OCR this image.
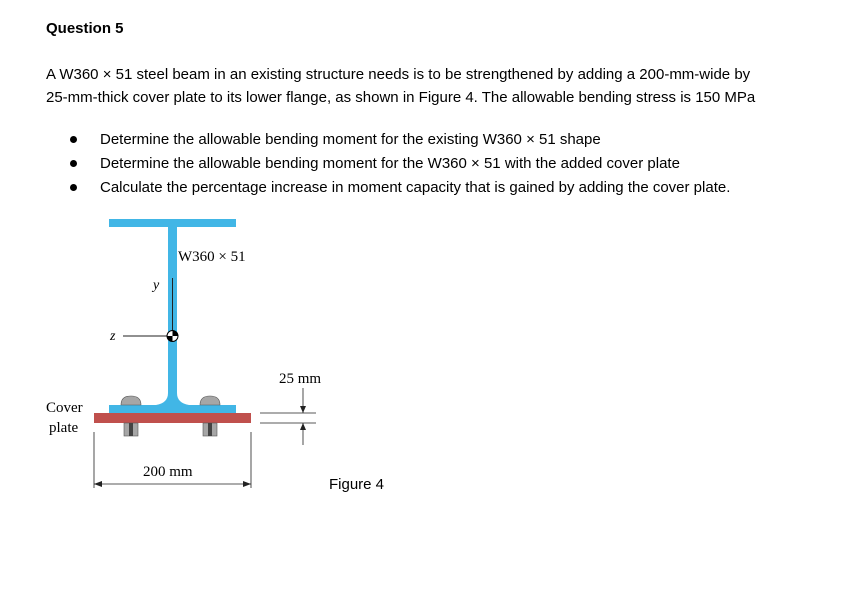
Question 5
A W360 × 51 steel beam in an existing structure needs is to be strengthened by adding a 200-mm-wide by
25-mm-thick cover plate to its lower flange, as shown in Figure 4. The allowable bending stress is 150 MPa
Determine the allowable bending moment for the existing W360 × 51 shape
Determine the allowable bending moment for the W360 × 51 with the added cover plate
Calculate the percentage increase in moment capacity that is gained by adding the cover plate.
W360 × 51
y
z
Cover
plate
25 mm
200 mm
Figure 4
